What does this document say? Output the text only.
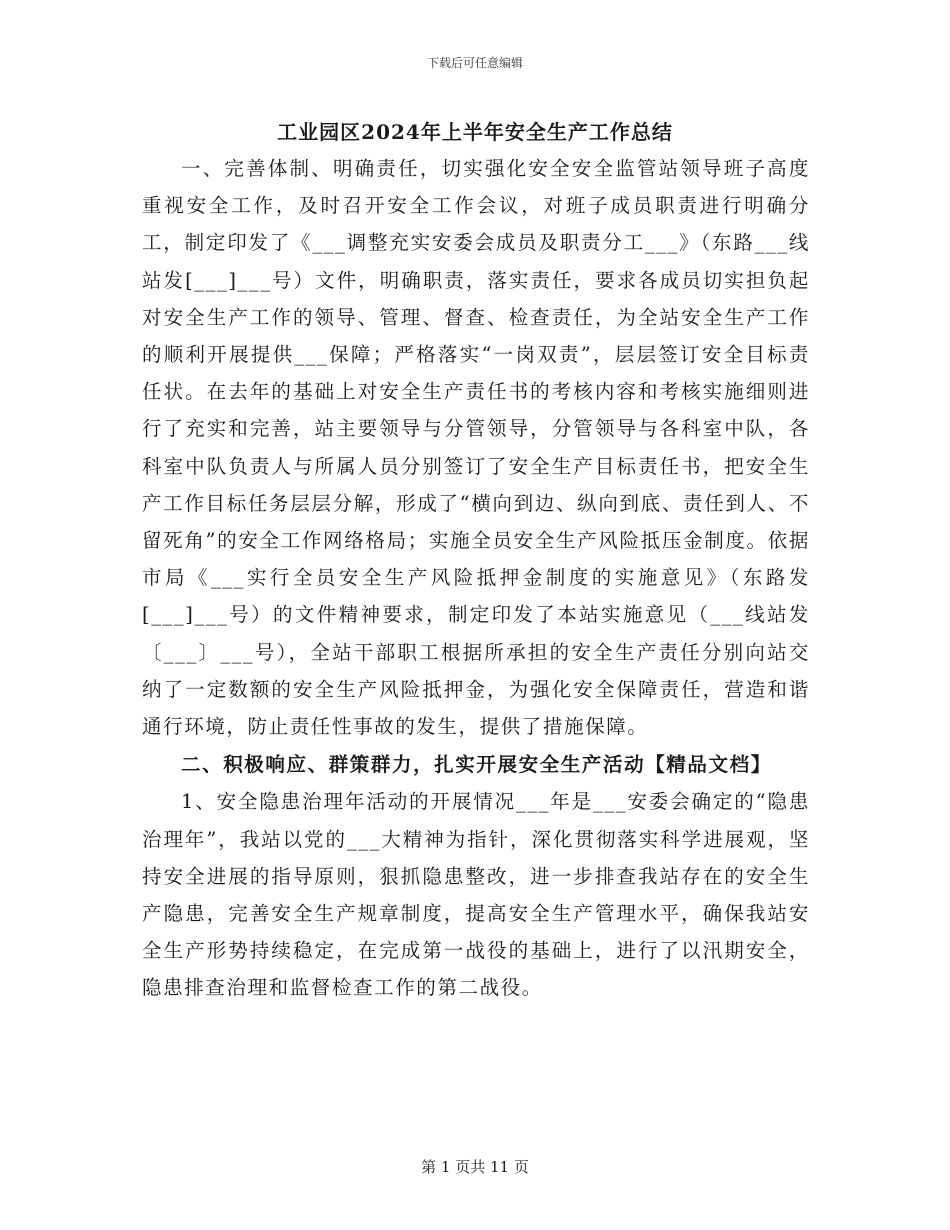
下载后可任意编辑
工业园区2024年上半年安全生产工作总结

一、完善体制、明确责任，切实强化安全安全监管站领导班子高度重视安全工作，及时召开安全工作会议，对班子成员职责进行明确分工，制定印发了《___调整充实安委会成员及职责分工___》（东路___线站发[___]___号）文件，明确职责，落实责任，要求各成员切实担负起对安全生产工作的领导、管理、督查、检查责任，为全站安全生产工作的顺利开展提供___保障；严格落实“一岗双责”，层层签订安全目标责任状。在去年的基础上对安全生产责任书的考核内容和考核实施细则进行了充实和完善，站主要领导与分管领导，分管领导与各科室中队，各科室中队负责人与所属人员分别签订了安全生产目标责任书，把安全生产工作目标任务层层分解，形成了“横向到边、纵向到底、责任到人、不留死角”的安全工作网络格局；实施全员安全生产风险抵压金制度。依据市局《___实行全员安全生产风险抵押金制度的实施意见》（东路发[___]___号）的文件精神要求，制定印发了本站实施意见（___线站发〔___〕___号），全站干部职工根据所承担的安全生产责任分别向站交纳了一定数额的安全生产风险抵押金，为强化安全保障责任，营造和谐通行环境，防止责任性事故的发生，提供了措施保障。

二、积极响应、群策群力，扎实开展安全生产活动【精品文档】

1、安全隐患治理年活动的开展情况___年是___安委会确定的“隐患治理年”，我站以党的___大精神为指针，深化贯彻落实科学进展观，坚持安全进展的指导原则，狠抓隐患整改，进一步排查我站存在的安全生产隐患，完善安全生产规章制度，提高安全生产管理水平，确保我站安全生产形势持续稳定，在完成第一战役的基础上，进行了以汛期安全，隐患排查治理和监督检查工作的第二战役。

第 1 页共 11 页
